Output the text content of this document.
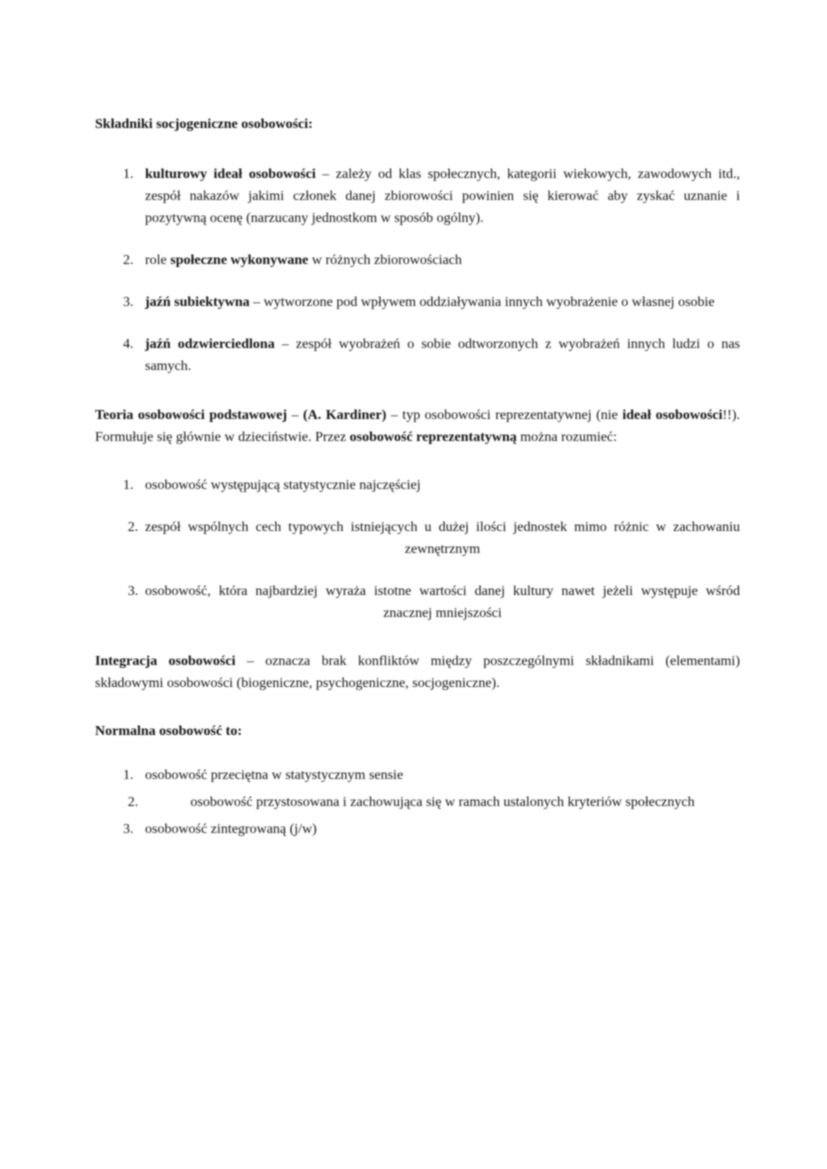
Składniki socjogeniczne osobowości:

1. kulturowy ideał osobowości – zależy od klas społecznych, kategorii wiekowych, zawodowych itd., zespół nakazów jakimi członek danej zbiorowości powinien się kierować aby zyskać uznanie i pozytywną ocenę (narzucany jednostkom w sposób ogólny).
2. role społeczne wykonywane w różnych zbiorowościach
3. jaźń subiektywna – wytworzone pod wpływem oddziaływania innych wyobrażenie o własnej osobie
4. jaźń odzwierciedlona – zespół wyobrażeń o sobie odtworzonych z wyobrażeń innych ludzi o nas samych.

Teoria osobowości podstawowej – (A. Kardiner) – typ osobowości reprezentatywnej (nie ideał osobowości!!). Formułuje się głównie w dzieciństwie. Przez osobowość reprezentatywną można rozumieć:

1. osobowość występującą statystycznie najczęściej
2. zespół wspólnych cech typowych istniejących u dużej ilości jednostek mimo różnic w zachowaniu zewnętrznym
3. osobowość, która najbardziej wyraża istotne wartości danej kultury nawet jeżeli występuje wśród znacznej mniejszości

Integracja osobowości – oznacza brak konfliktów między poszczególnymi składnikami (elementami) składowymi osobowości (biogeniczne, psychogeniczne, socjogeniczne).

Normalna osobowość to:

1. osobowość przeciętna w statystycznym sensie
2.	osobowość przystosowana i zachowująca się w ramach ustalonych kryteriów społecznych
3. osobowość zintegrowaną (j/w)
